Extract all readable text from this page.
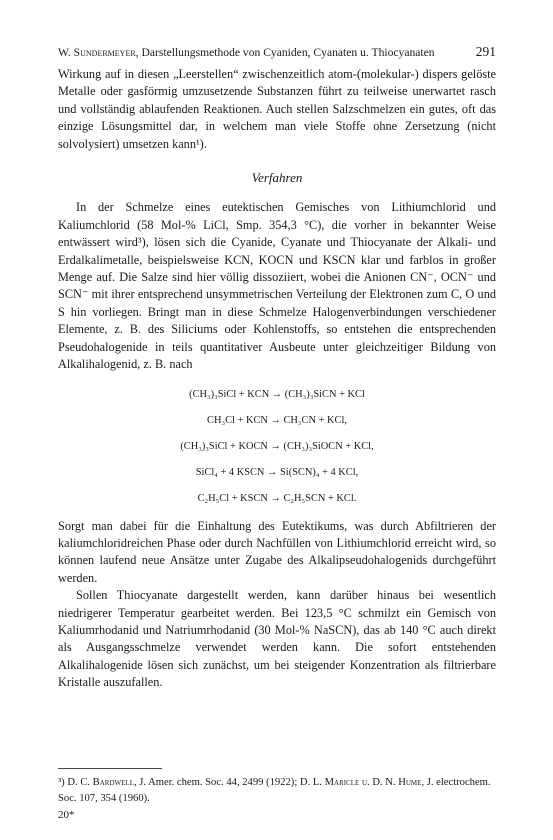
W. Sundermeyer, Darstellungsmethode von Cyaniden, Cyanaten u. Thiocyanaten	291

Wirkung auf in diesen „Leerstellen“ zwischenzeitlich atom-(molekular-) dispers gelöste Metalle oder gasförmig umzusetzende Substanzen führt zu teilweise unerwartet rasch und vollständig ablaufenden Reaktionen. Auch stellen Salzschmelzen ein gutes, oft das einzige Lösungsmittel dar, in welchem man viele Stoffe ohne Zersetzung (nicht solvolysiert) umsetzen kann¹).

Verfahren

In der Schmelze eines eutektischen Gemisches von Lithiumchlorid und Kaliumchlorid (58 Mol-% LiCl, Smp. 354,3 °C), die vorher in bekannter Weise entwässert wird³), lösen sich die Cyanide, Cyanate und Thiocyanate der Alkali- und Erdalkalimetalle, beispielsweise KCN, KOCN und KSCN klar und farblos in großer Menge auf. Die Salze sind hier völlig dissoziiert, wobei die Anionen CN⁻, OCN⁻ und SCN⁻ mit ihrer entsprechend unsymmetrischen Verteilung der Elektronen zum C, O und S hin vorliegen. Bringt man in diese Schmelze Halogenverbindungen verschiedener Elemente, z. B. des Siliciums oder Kohlenstoffs, so entstehen die entsprechenden Pseudohalogenide in teils quantitativer Ausbeute unter gleichzeitiger Bildung von Alkalihalogenid, z. B. nach

(CH₃)₃SiCl + KCN → (CH₃)₃SiCN + KCl
CH₃Cl + KCN → CH₃CN + KCl,
(CH₃)₃SiCl + KOCN → (CH₃)₃SiOCN + KCl,
SiCl₄ + 4 KSCN → Si(SCN)₄ + 4 KCl,
C₂H₅Cl + KSCN → C₂H₅SCN + KCl.

Sorgt man dabei für die Einhaltung des Eutektikums, was durch Abfiltrieren der kaliumchloridreichen Phase oder durch Nachfüllen von Lithiumchlorid erreicht wird, so können laufend neue Ansätze unter Zugabe des Alkalipseudohalogenids durchgeführt werden.

Sollen Thiocyanate dargestellt werden, kann darüber hinaus bei wesentlich niedrigerer Temperatur gearbeitet werden. Bei 123,5 °C schmilzt ein Gemisch von Kaliumrhodanid und Natriumrhodanid (30 Mol-% NaSCN), das ab 140 °C auch direkt als Ausgangsschmelze verwendet werden kann. Die sofort entstehenden Alkalihalogenide lösen sich zunächst, um bei steigender Konzentration als filtrierbare Kristalle auszufallen.

³) D. C. Bardwell, J. Amer. chem. Soc. 44, 2499 (1922); D. L. Maricle u. D. N. Hume, J. electrochem. Soc. 107, 354 (1960).

20*
